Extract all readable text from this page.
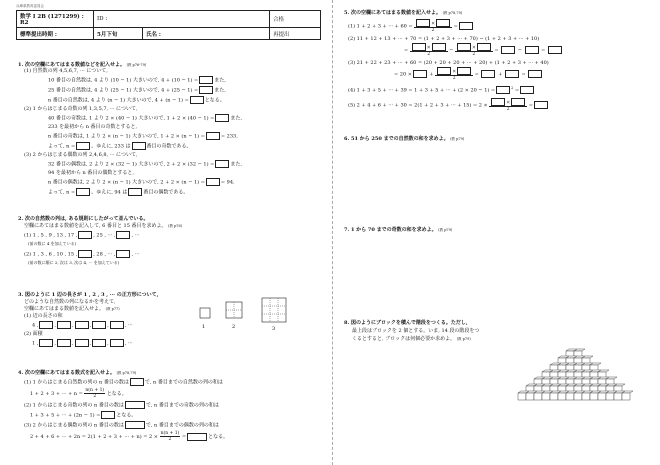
兵庫県教育委員会
数学 I 2B (1271299) : R2	ID :		合格
標準提出時期 :	5月下旬	氏名 :	再提出
1. 次の空欄にあてはまる数値などを記入せよ。 (教 p76-79)
(1) 自然数の列 4,5,6,7, ··· について,
10 番目の自然数は, 4 より (10 − 1) 大きいので, 4 + (10 − 1) =	また,
25 番目の自然数は, 4 より (25 − 1) 大きいので, 4 + (25 − 1) =	また,
n 番目の自然数は, 4 より (n − 1) 大きいので, 4 + (n − 1) =	となる。
(2) 1 からはじまる奇数の列 1,3,5,7, ··· について,
40 番目の奇数は, 1 より 2 × (40 − 1) 大きいので, 1 + 2 × (40 − 1) =	また,
233 を最初から n 番目の奇数とすると,
n 番目の奇数は, 1 より 2 × (n − 1) 大きいので, 1 + 2 × (n − 1) =	= 233.
よって, n =	。ゆえに, 233 は	番目の奇数である。
(3) 2 からはじまる偶数の列 2,4,6,8, ··· について,
32 番目の偶数は, 2 より 2 × (32 − 1) 大きいので, 2 + 2 × (32 − 1) =	また,
94 を最初から n 番目の偶数とすると,
n 番目の偶数は, 2 より 2 × (n − 1) 大きいので, 2 + 2 × (n − 1) =	= 94.
よって, n =	。ゆえに, 94 は	番目の偶数である。
2. 次の自然数の列は, ある規則にしたがって並んでいる。
空欄にあてはまる数値を記入して, 6 番目と 15 番目を求めよ。 (教 p76)
(1) 1 , 5 , 9 , 13 , 17 ,	, 25 , ··· ,	, ···
(前の数に 4 を加えている)
(2) 1 , 3 , 6 , 10 , 15 ,	, 28 , ··· ,	, ···
(前の数に順に 2, 次は 3, 次は 4, ··· を加えている)
3. 図のように 1 辺の長さが 1 , 2 , 3 , ··· の正方形について,
どのような自然数の列になるかを考えて,
空欄にあてはまる数値を記入せよ。 (教 p77)
(1) 辺の長さの和
4 ,	,	,	,	,	, ···
(2) 面積
1 ,	,	,	,	,	, ···
1	2	3
4. 次の空欄にあてはまる数式を記入せよ。 (教 p78,79)
(1) 1 からはじまる自然数の列の n 番目の数は	で, n 番目までの自然数の列の和は
1 + 2 + 3 + ··· + $n = \frac{n(n + 1)}{2}$ となる。
(2) 1 からはじまる奇数の列の n 番目の数は	で, n 番目までの奇数の列の和は
1 + 3 + 5 + ··· + (2n − 1) =	となる。
(3) 2 からはじまる偶数の列の n 番目の数は	で, n 番目までの偶数の列の和は
2 + 4 + 6 + ··· + 2n = 2(1 + 2 + 3 + ··· + $n) = 2 \times \frac{n(n + 1)}{2}$ =	となる。
5. 次の空欄にあてはまる数値を記入せよ。 (教 p78,79)
(1) 1 + 2 + 3 + ··· + $60 = \frac{\times}{2}$ =
(2) 11 + 12 + 13 + ··· + 70 = (1 + 2 + 3 + ··· + 70) − (1 + 2 + 3 + ··· + 10)
= $\frac{\times}{2} - \frac{\times}{2}$ =	−	=
(3) 21 + 22 + 23 + ··· + 60 = (20 + 20 + 20 + ··· + 20) + (1 + 2 + 3 + ··· + 40)
= 20 ×	+ $\frac{\times}{2}$ =	+	=
(4) 1 + 3 + 5 + ··· + 39 = 1 + 3 + 5 + ··· + (2 × 20 − 1) =	$^2$ =
(5) 2 + 4 + 6 + ··· + 30 = 2(1 + 2 + 3 + ··· + $15) = 2 \times \frac{\times}{2}$ =
6. 51 から 250 までの自然数の和を求めよ。 (教 p79)
7. 1 から 70 までの奇数の和を求めよ。 (教 p79)
8. 図のようにブロックを積んで階段をつくる。ただし,
最上段はブロックを 2 個とする。いま, 14 段の階段をつ
くるとすると, ブロックは何個必要か求めよ。 (教 p79)
